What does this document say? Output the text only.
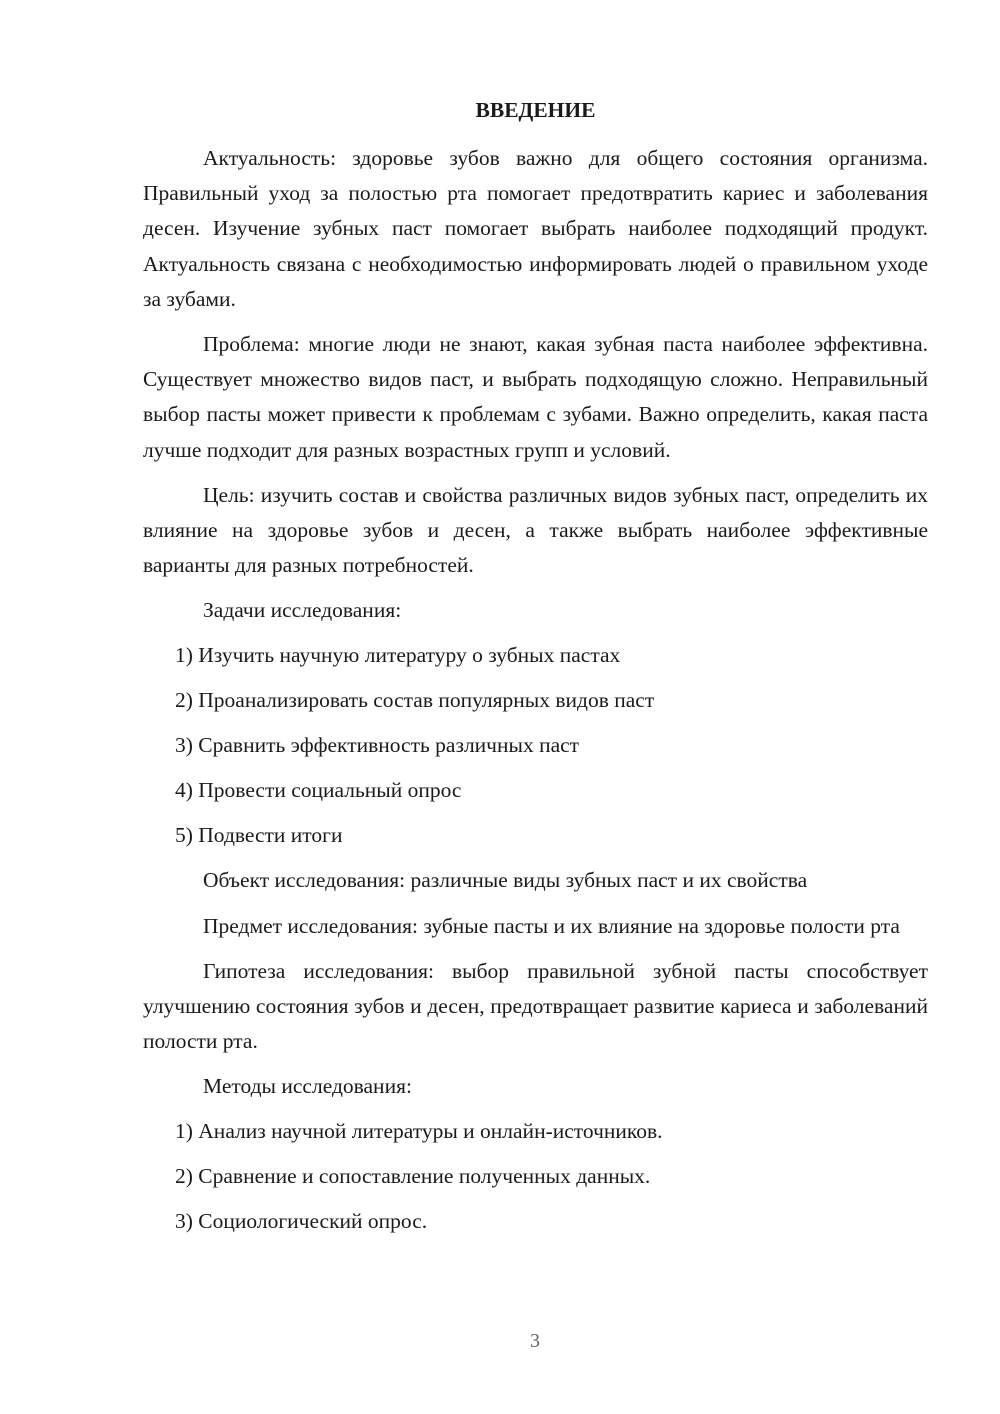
ВВЕДЕНИЕ

Актуальность: здоровье зубов важно для общего состояния организма. Правильный уход за полостью рта помогает предотвратить кариес и заболевания десен. Изучение зубных паст помогает выбрать наиболее подходящий продукт. Актуальность связана с необходимостью информировать людей о правильном уходе за зубами.

Проблема: многие люди не знают, какая зубная паста наиболее эффективна. Существует множество видов паст, и выбрать подходящую сложно. Неправильный выбор пасты может привести к проблемам с зубами. Важно определить, какая паста лучше подходит для разных возрастных групп и условий.

Цель: изучить состав и свойства различных видов зубных паст, определить их влияние на здоровье зубов и десен, а также выбрать наиболее эффективные варианты для разных потребностей.

Задачи исследования:

1) Изучить научную литературу о зубных пастах

2) Проанализировать состав популярных видов паст

3) Сравнить эффективность различных паст

4) Провести социальный опрос

5) Подвести итоги

Объект исследования: различные виды зубных паст и их свойства

Предмет исследования: зубные пасты и их влияние на здоровье полости рта

Гипотеза исследования: выбор правильной зубной пасты способствует улучшению состояния зубов и десен, предотвращает развитие кариеса и заболеваний полости рта.

Методы исследования:

1) Анализ научной литературы и онлайн-источников.

2) Сравнение и сопоставление полученных данных.

3) Социологический опрос.

3
